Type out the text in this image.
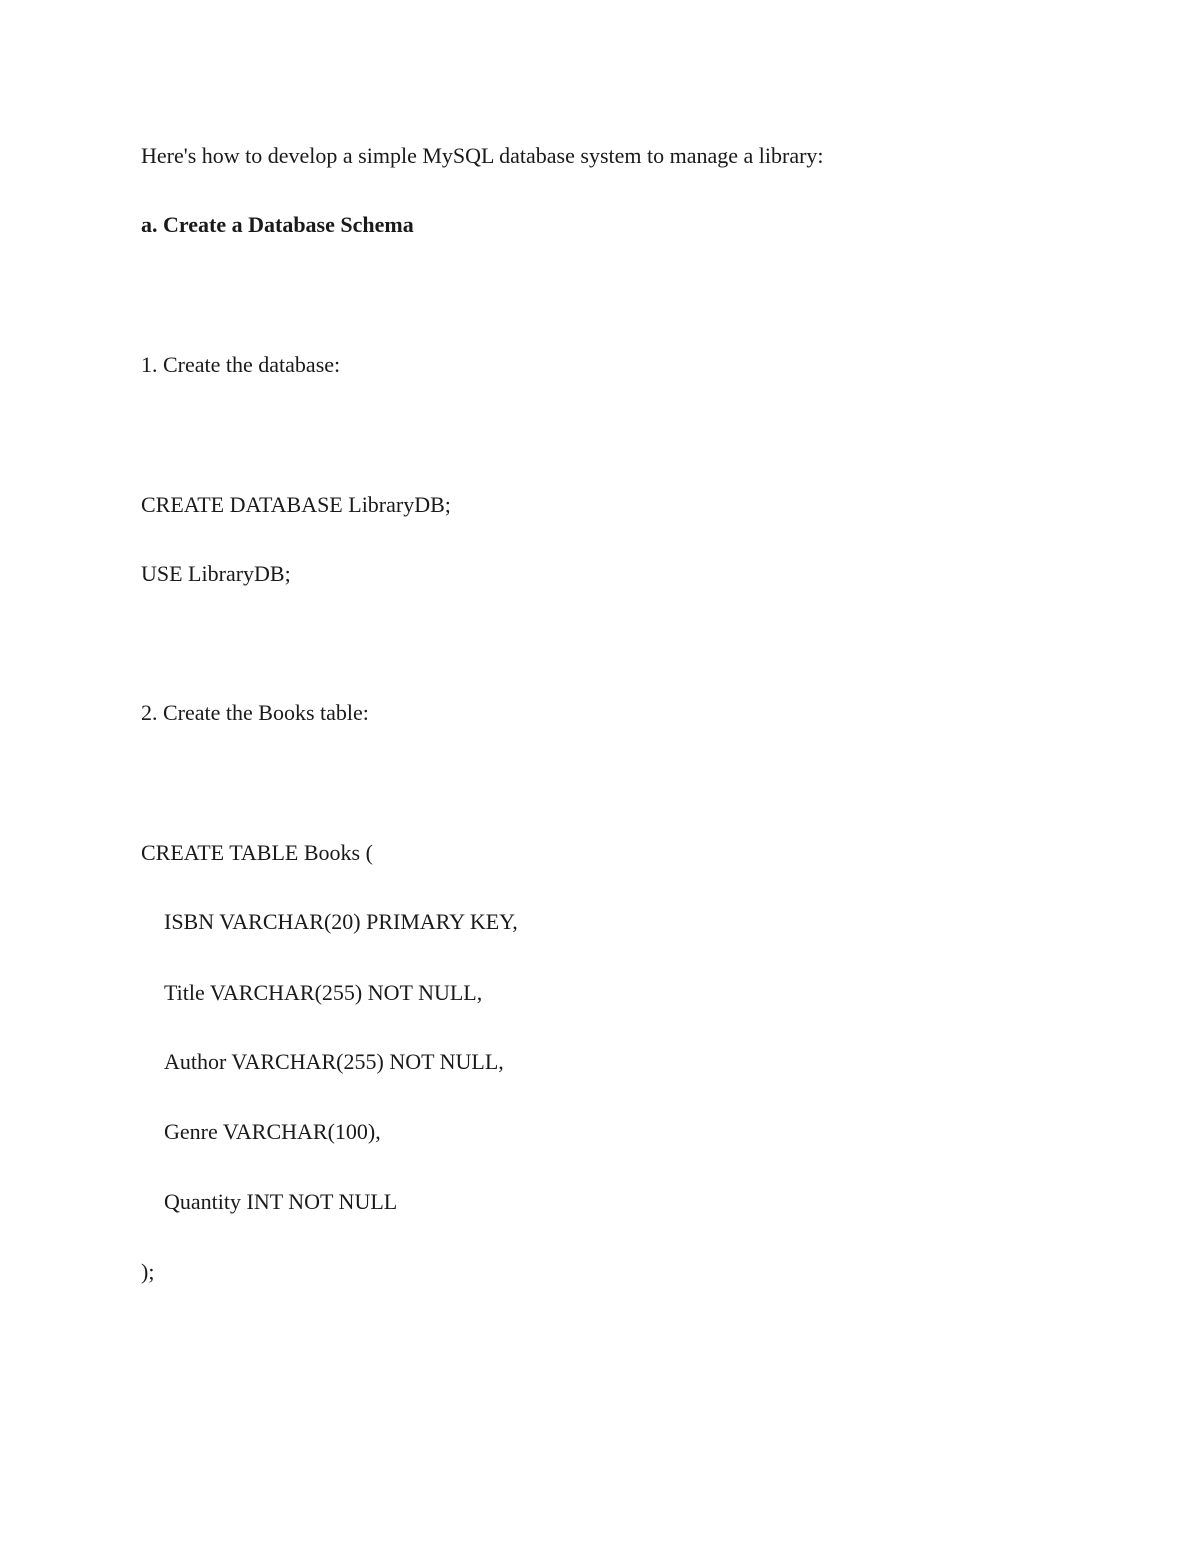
Here's how to develop a simple MySQL database system to manage a library:

a. Create a Database Schema

1. Create the database:

CREATE DATABASE LibraryDB;

USE LibraryDB;

2. Create the Books table:

CREATE TABLE Books (

ISBN VARCHAR(20) PRIMARY KEY,

Title VARCHAR(255) NOT NULL,

Author VARCHAR(255) NOT NULL,

Genre VARCHAR(100),

Quantity INT NOT NULL

);
